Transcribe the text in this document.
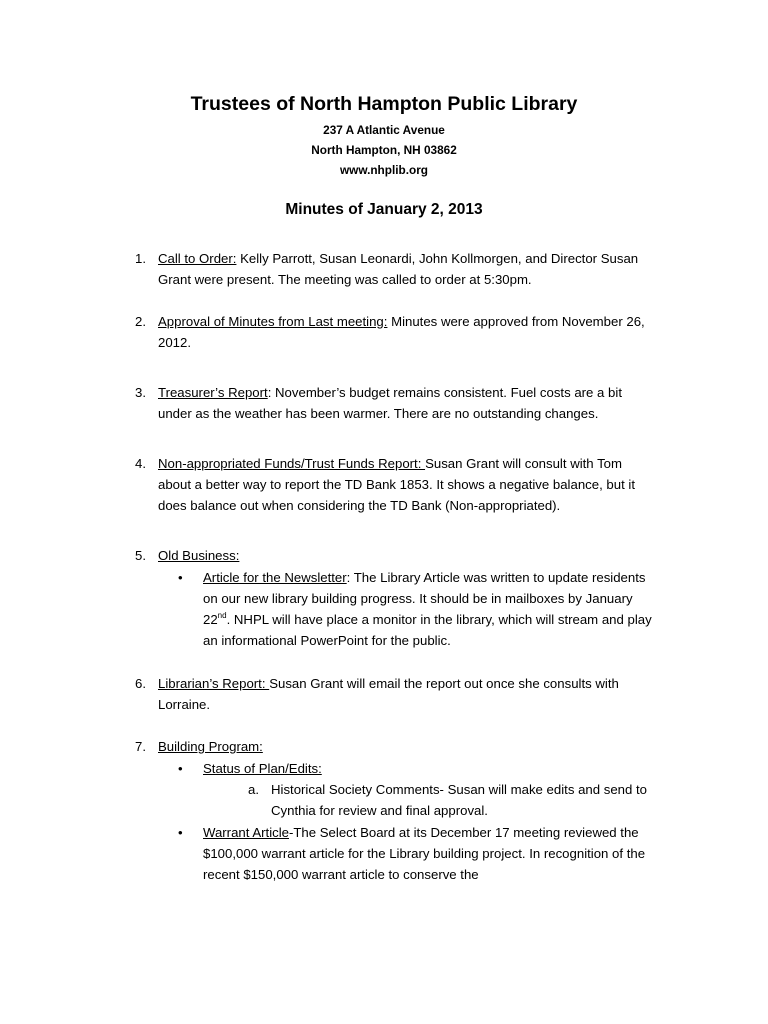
Trustees of North Hampton Public Library
237 A Atlantic Avenue
North Hampton, NH 03862
www.nhplib.org
Minutes of January 2, 2013
1. Call to Order: Kelly Parrott, Susan Leonardi, John Kollmorgen, and Director Susan Grant were present. The meeting was called to order at 5:30pm.
2. Approval of Minutes from Last meeting: Minutes were approved from November 26, 2012.
3. Treasurer’s Report: November’s budget remains consistent. Fuel costs are a bit under as the weather has been warmer. There are no outstanding changes.
4. Non-appropriated Funds/Trust Funds Report: Susan Grant will consult with Tom about a better way to report the TD Bank 1853. It shows a negative balance, but it does balance out when considering the TD Bank (Non-appropriated).
5. Old Business:
• Article for the Newsletter: The Library Article was written to update residents on our new library building progress. It should be in mailboxes by January 22nd. NHPL will have place a monitor in the library, which will stream and play an informational PowerPoint for the public.
6. Librarian’s Report: Susan Grant will email the report out once she consults with Lorraine.
7. Building Program:
• Status of Plan/Edits:
a. Historical Society Comments- Susan will make edits and send to Cynthia for review and final approval.
• Warrant Article-The Select Board at its December 17 meeting reviewed the $100,000 warrant article for the Library building project. In recognition of the recent $150,000 warrant article to conserve the
